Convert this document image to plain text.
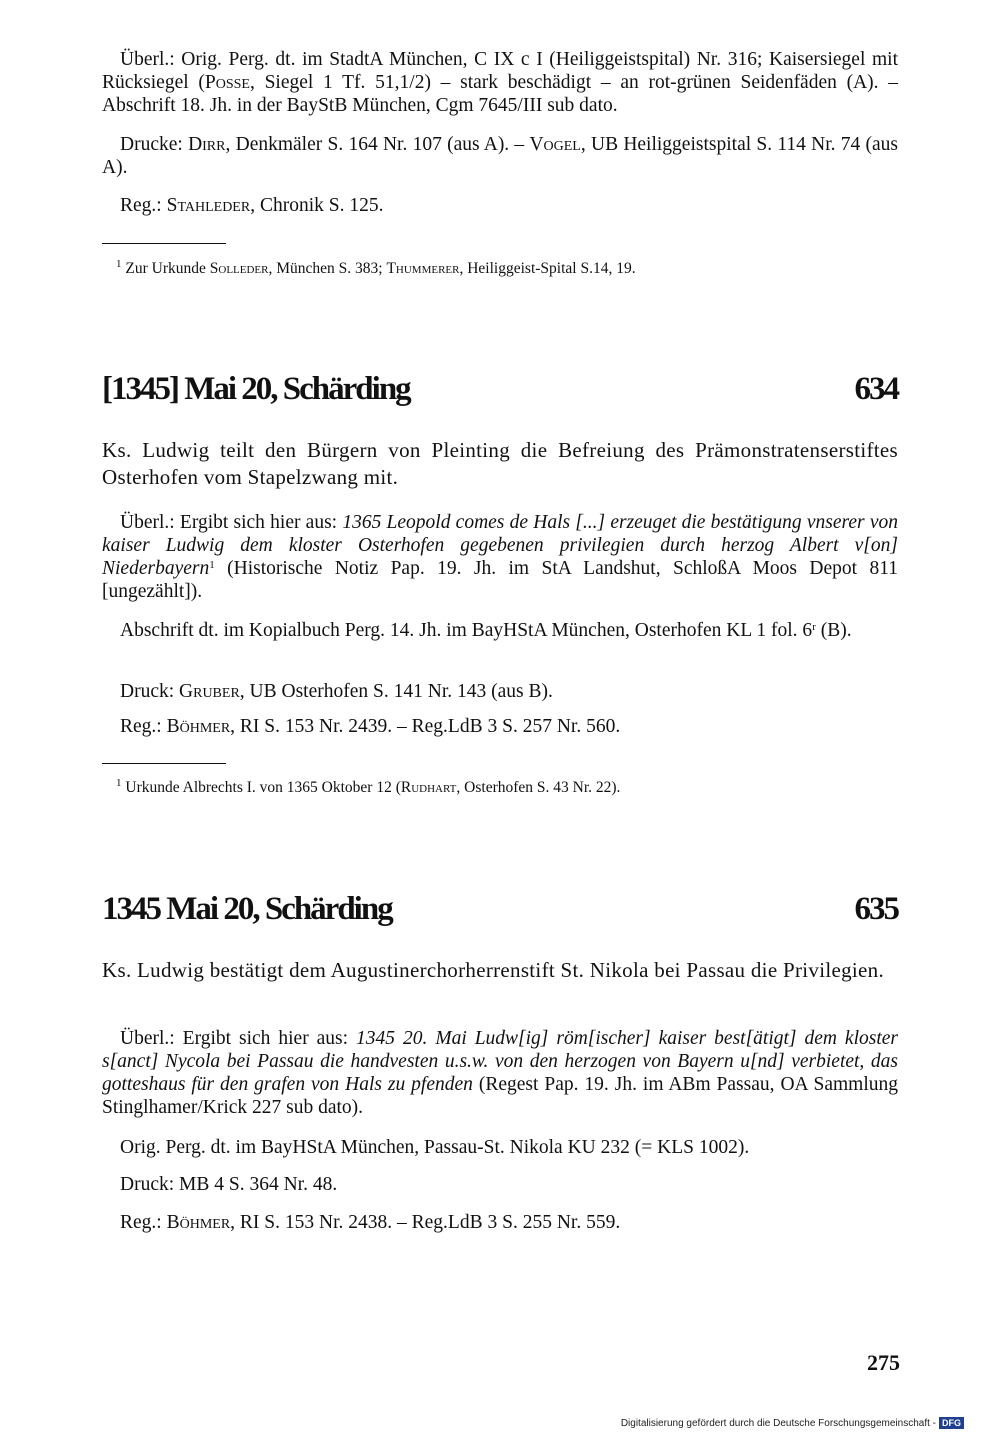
Überl.: Orig. Perg. dt. im StadtA München, C IX c I (Heiliggeistspital) Nr. 316; Kaisersiegel mit Rücksiegel (Posse, Siegel 1 Tf. 51,1/2) – stark beschädigt – an rot-grünen Seidenfäden (A). – Abschrift 18. Jh. in der BayStB München, Cgm 7645/III sub dato.
Drucke: Dirr, Denkmäler S. 164 Nr. 107 (aus A). – Vogel, UB Heiliggeistspital S. 114 Nr. 74 (aus A).
Reg.: Stahleder, Chronik S. 125.
$^1$ Zur Urkunde Solleder, München S. 383; Thummerer, Heiliggeist-Spital S.14, 19.
[1345] Mai 20, Schärding	634
Ks. Ludwig teilt den Bürgern von Pleinting die Befreiung des Prämonstratenserstiftes Osterhofen vom Stapelzwang mit.
Überl.: Ergibt sich hier aus: 1365 Leopold comes de Hals [...] erzeuget die bestätigung vnserer von kaiser Ludwig dem kloster Osterhofen gegebenen privilegien durch herzog Albert v[on] Niederbayern$^1$ (Historische Notiz Pap. 19. Jh. im StA Landshut, SchloßA Moos Depot 811 [ungezählt]).
Abschrift dt. im Kopialbuch Perg. 14. Jh. im BayHStA München, Osterhofen KL 1 fol. 6$^r$ (B).
Druck: Gruber, UB Osterhofen S. 141 Nr. 143 (aus B).
Reg.: Böhmer, RI S. 153 Nr. 2439. – Reg.LdB 3 S. 257 Nr. 560.
$^1$ Urkunde Albrechts I. von 1365 Oktober 12 (Rudhart, Osterhofen S. 43 Nr. 22).
1345 Mai 20, Schärding	635
Ks. Ludwig bestätigt dem Augustinerchorherrenstift St. Nikola bei Passau die Privilegien.
Überl.: Ergibt sich hier aus: 1345 20. Mai Ludw[ig] röm[ischer] kaiser best[ätigt] dem kloster s[anct] Nycola bei Passau die handvesten u.s.w. von den herzogen von Bayern u[nd] verbietet, das gotteshaus für den grafen von Hals zu pfenden (Regest Pap. 19. Jh. im ABm Passau, OA Sammlung Stinglhamer/Krick 227 sub dato).
Orig. Perg. dt. im BayHStA München, Passau-St. Nikola KU 232 (= KLS 1002).
Druck: MB 4 S. 364 Nr. 48.
Reg.: Böhmer, RI S. 153 Nr. 2438. – Reg.LdB 3 S. 255 Nr. 559.
275
Digitalisierung gefördert durch die Deutsche Forschungsgemeinschaft - DFG
